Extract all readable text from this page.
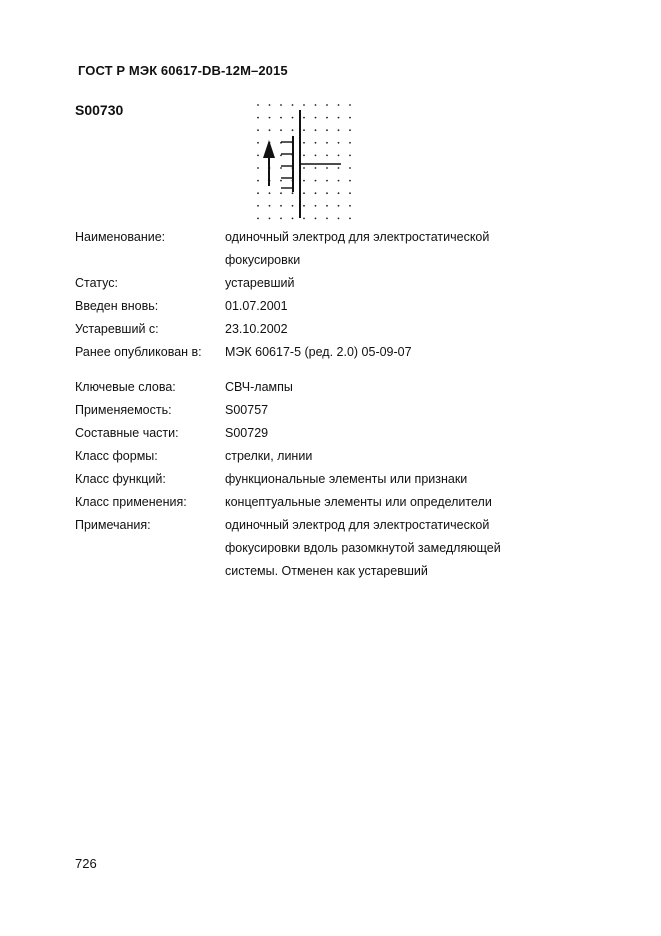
ГОСТ Р МЭК 60617-DB-12M–2015
S00730
Наименование:	одиночный электрод для электростатической
фокусировки
Статус:	устаревший
Введен вновь:	01.07.2001
Устаревший с:	23.10.2002
Ранее опубликован в:	МЭК 60617-5 (ред. 2.0) 05-09-07
Ключевые слова:	СВЧ-лампы
Применяемость:	S00757
Составные части:	S00729
Класс формы:	стрелки, линии
Класс функций:	функциональные элементы или признаки
Класс применения:	концептуальные элементы или определители
Примечания:	одиночный электрод для электростатической
фокусировки вдоль разомкнутой замедляющей
системы. Отменен как устаревший
726
